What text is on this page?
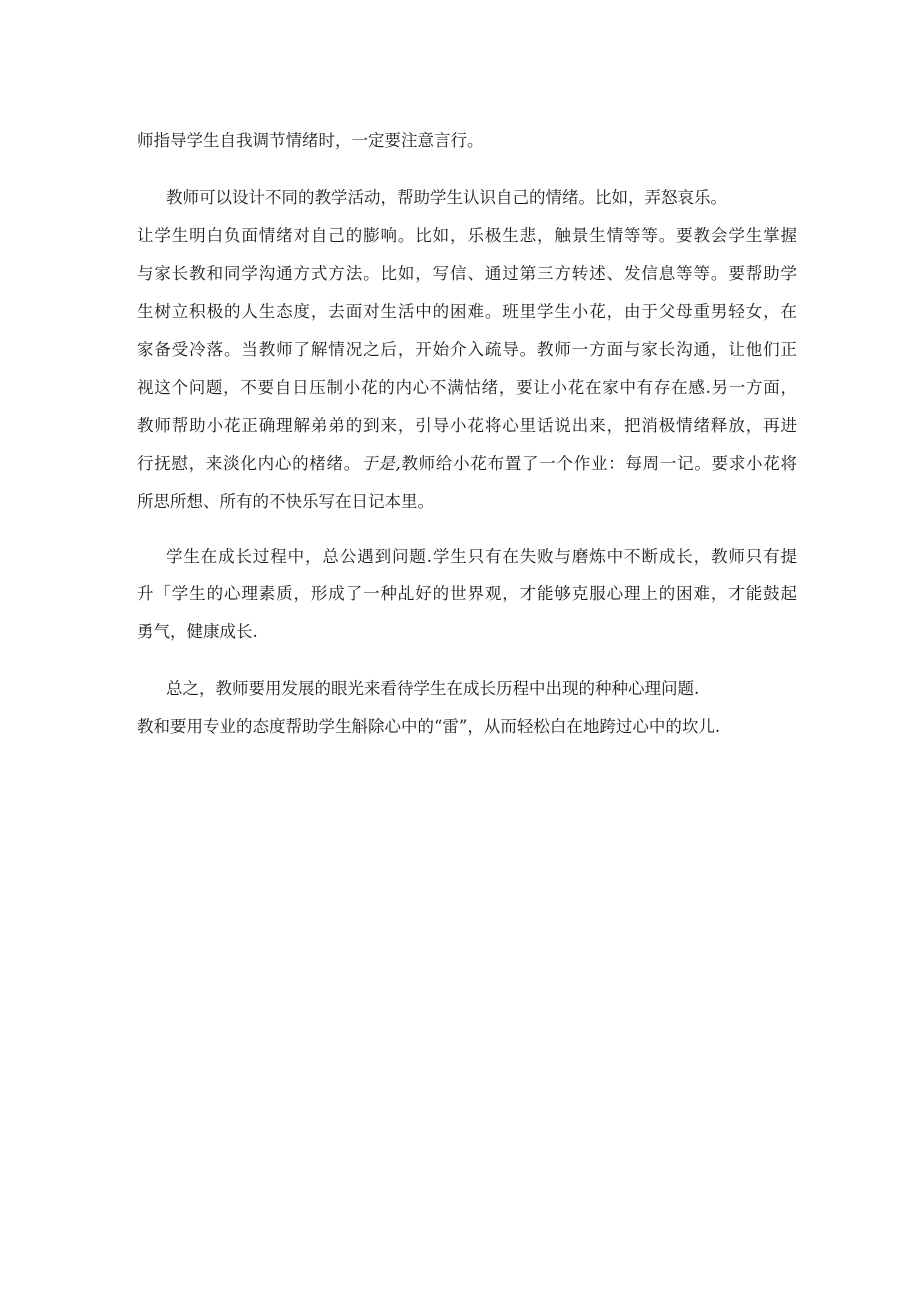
师指导学生自我调节情绪时，一定要注意言行。
教师可以设计不同的教学活动，帮助学生认识自己的情绪。比如，弄怒哀乐。
让学生明白负面情绪对自己的膨响。比如，乐极生悲，触景生情等等。要教会学生掌握
与家长教和同学沟通方式方法。比如，写信、通过第三方转述、发信息等等。要帮助学
生树立积极的人生态度，去面对生活中的困难。班里学生小花，由于父母重男轻女，在
家备受冷落。当教师了解情况之后，开始介入疏导。教师一方面与家长沟通，让他们正
视这个问题，不要自日压制小花的内心不满怙绪，要让小花在家中有存在感.另一方面，
教师帮助小花正确理解弟弟的到来，引导小花将心里话说出来，把消极情绪释放，再进
行抚慰，来淡化内心的楮绪。于是,教师给小花布置了一个作业：每周一记。要求小花将
所思所想、所有的不快乐写在日记本里。
学生在成长过程中，总公遇到问题.学生只有在失败与磨炼中不断成长，教师只有提
升「学生的心理素质，形成了一种乩好的世界观，才能够克服心理上的困难，才能鼓起
勇气，健康成长.
总之，教师要用发展的眼光来看待学生在成长历程中出现的种种心理问题.
教和要用专业的态度帮助学生斛除心中的“雷”，从而轻松白在地跨过心中的坎儿.
